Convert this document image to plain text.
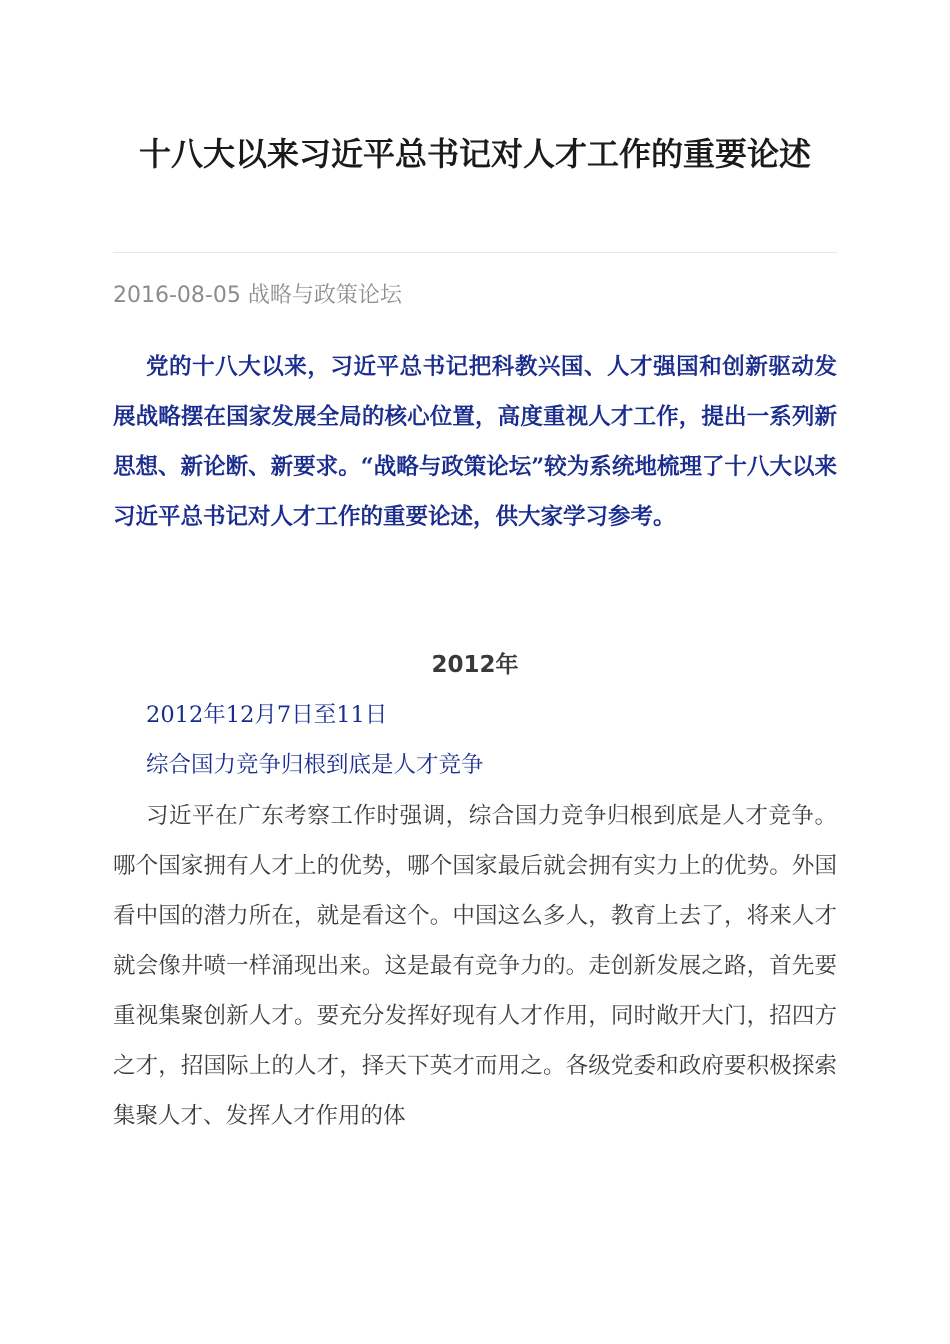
十八大以来习近平总书记对人才工作的重要论述
2016-08-05 战略与政策论坛

党的十八大以来，习近平总书记把科教兴国、人才强国和创新驱动发展战略摆在国家发展全局的核心位置，高度重视人才工作，提出一系列新思想、新论断、新要求。“战略与政策论坛”较为系统地梳理了十八大以来习近平总书记对人才工作的重要论述，供大家学习参考。

2012年

2012年12月7日至11日

综合国力竞争归根到底是人才竞争

习近平在广东考察工作时强调，综合国力竞争归根到底是人才竞争。哪个国家拥有人才上的优势，哪个国家最后就会拥有实力上的优势。外国看中国的潜力所在，就是看这个。中国这么多人，教育上去了，将来人才就会像井喷一样涌现出来。这是最有竞争力的。走创新发展之路，首先要重视集聚创新人才。要充分发挥好现有人才作用，同时敞开大门，招四方之才，招国际上的人才，择天下英才而用之。各级党委和政府要积极探索集聚人才、发挥人才作用的体
